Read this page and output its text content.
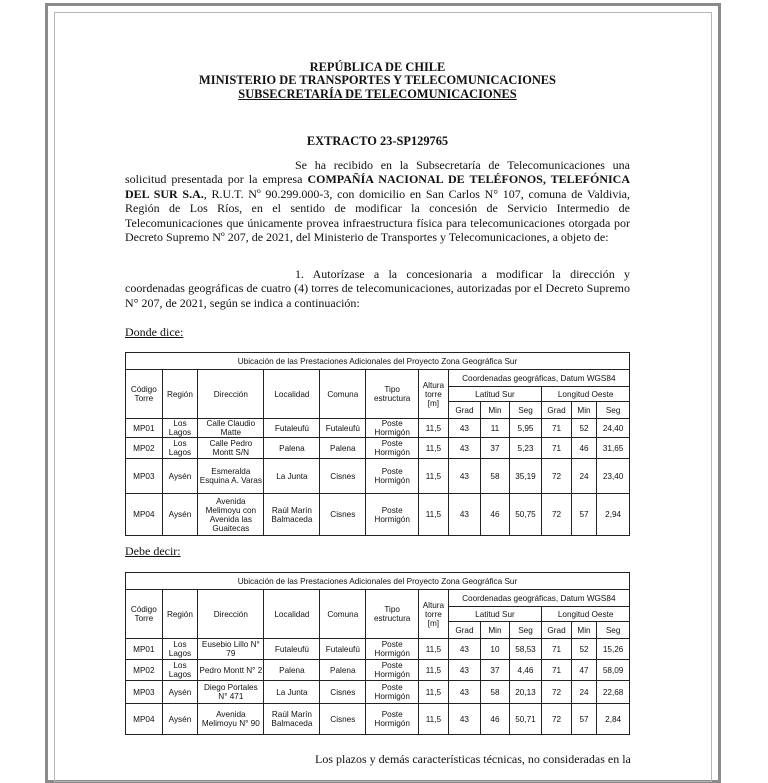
REPÚBLICA DE CHILE
MINISTERIO DE TRANSPORTES Y TELECOMUNICACIONES
SUBSECRETARÍA DE TELECOMUNICACIONES
EXTRACTO 23-SP129765
Se ha recibido en la Subsecretaría de Telecomunicaciones una solicitud presentada por la empresa COMPAÑÍA NACIONAL DE TELÉFONOS, TELEFÓNICA DEL SUR S.A., R.U.T. Nº 90.299.000-3, con domicilio en San Carlos N° 107, comuna de Valdivia, Región de Los Ríos, en el sentido de modificar la concesión de Servicio Intermedio de Telecomunicaciones que únicamente provea infraestructura física para telecomunicaciones otorgada por Decreto Supremo Nº 207, de 2021, del Ministerio de Transportes y Telecomunicaciones, a objeto de:
1. Autorízase a la concesionaria a modificar la dirección y coordenadas geográficas de cuatro (4) torres de telecomunicaciones, autorizadas por el Decreto Supremo N° 207, de 2021, según se indica a continuación:
Donde dice:
Ubicación de las Prestaciones Adicionales del Proyecto Zona Geográfica Sur												
Código Torre	Región	Dirección	Localidad	Comuna	Tipo estructura	Altura torre [m]	Coordenadas geográficas, Datum WGS84					
							Latitud Sur			Longitud Oeste		
							Grad	Min	Seg	Grad	Min	Seg
MP01	Los Lagos	Calle Claudio Matte	Futaleufú	Futaleufú	Poste Hormigón	11,5	43	11	5,95	71	52	24,40
MP02	Los Lagos	Calle Pedro Montt S/N	Palena	Palena	Poste Hormigón	11,5	43	37	5,23	71	46	31,65
MP03	Aysén	Esmeralda Esquina A. Varas	La Junta	Cisnes	Poste Hormigón	11,5	43	58	35,19	72	24	23,40
MP04	Aysén	Avenida Melimoyu con Avenida las Guaitecas	Raúl Marín Balmaceda	Cisnes	Poste Hormigón	11,5	43	46	50,75	72	57	2,94
Debe decir:
Ubicación de las Prestaciones Adicionales del Proyecto Zona Geográfica Sur												
Código Torre	Región	Dirección	Localidad	Comuna	Tipo estructura	Altura torre [m]	Coordenadas geográficas, Datum WGS84					
							Latitud Sur			Longitud Oeste		
							Grad	Min	Seg	Grad	Min	Seg
MP01	Los Lagos	Eusebio Lillo N° 79	Futaleufú	Futaleufú	Poste Hormigón	11,5	43	10	58,53	71	52	15,26
MP02	Los Lagos	Pedro Montt N° 2	Palena	Palena	Poste Hormigón	11,5	43	37	4,46	71	47	58,09
MP03	Aysén	Diego Portales N° 471	La Junta	Cisnes	Poste Hormigón	11,5	43	58	20,13	72	24	22,68
MP04	Aysén	Avenida Melimoyu N° 90	Raúl Marín Balmaceda	Cisnes	Poste Hormigón	11,5	43	46	50,71	72	57	2,84
Los plazos y demás características técnicas, no consideradas en la
